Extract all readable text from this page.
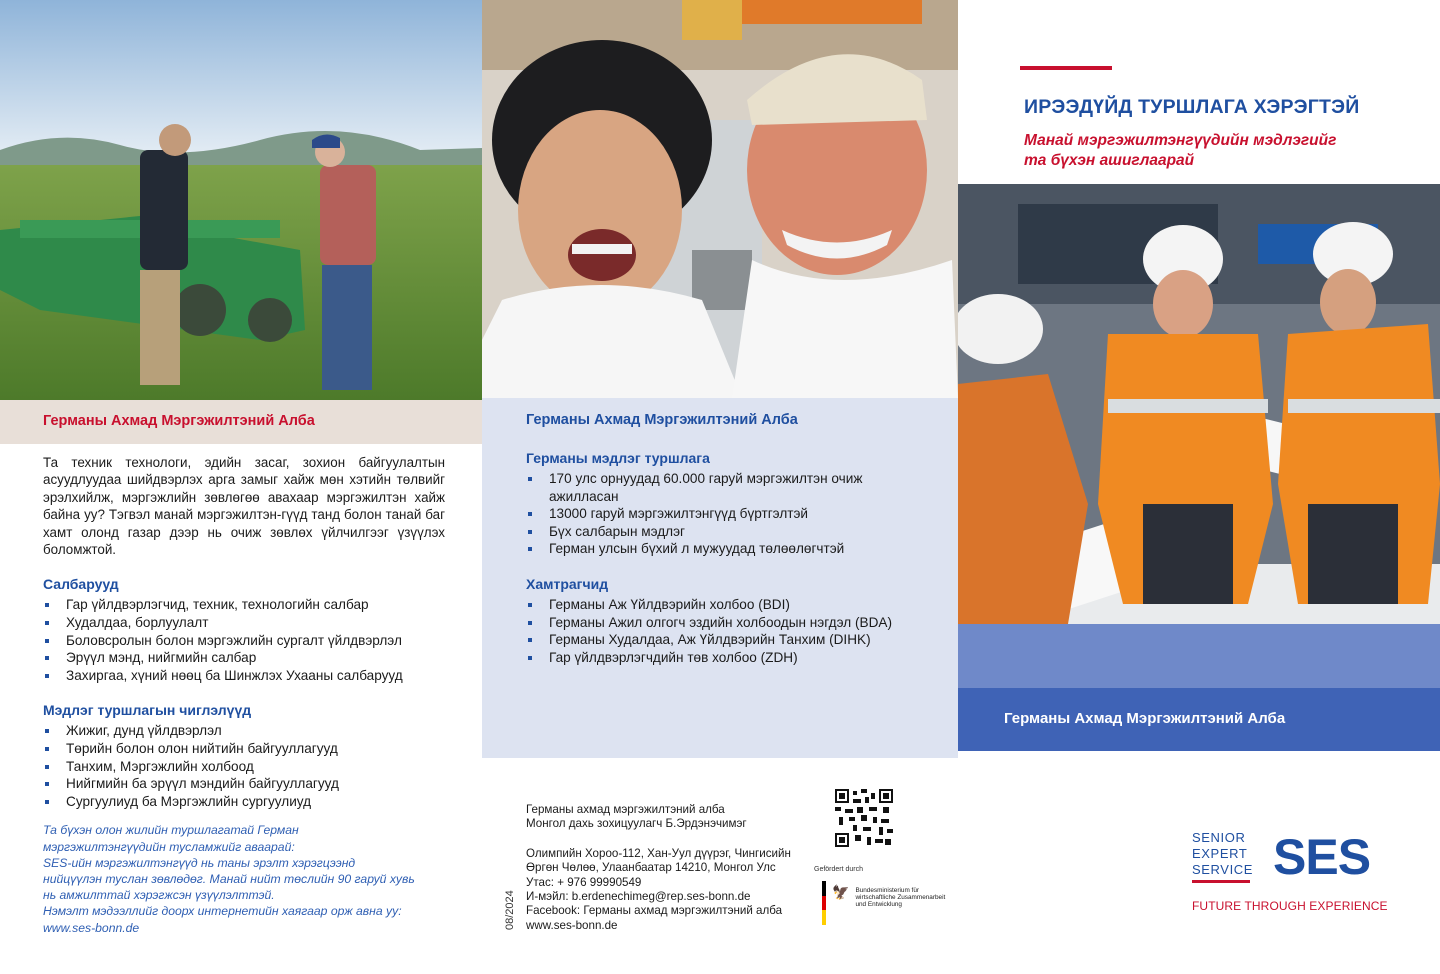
Германы Ахмад Мэргэжилтэний Алба

Та техник технологи, эдийн засаг, зохион байгуулалтын асуудлуудаа шийдвэрлэх арга замыг хайж мөн хэтийн төлвийг эрэлхийлж, мэргэжлийн зөвлөгөө авахаар мэргэжилтэн хайж байна уу? Тэгвэл манай мэргэжилтэн-гүүд танд болон танай баг хамт олонд газар дээр нь очиж зөвлөх үйлчилгээг үзүүлэх боломжтой.

Салбарууд
Гар үйлдвэрлэгчид, техник, технологийн салбар
Худалдаа, борлуулалт
Боловсролын болон мэргэжлийн сургалт үйлдвэрлэл
Эрүүл мэнд, нийгмийн салбар
Захиргаа, хүний нөөц ба Шинжлэх Ухааны салбарууд
Мэдлэг туршлагын чиглэлүүд
Жижиг, дунд үйлдвэрлэл
Төрийн болон олон нийтийн байгууллагууд
Танхим, Мэргэжлийн холбоод
Нийгмийн ба эрүүл мэндийн байгууллагууд
Сургуулиуд ба Мэргэжлийн сургуулиуд
Та бүхэн олон жилийн туршлагатай Герман
мэргэжилтэнгүүдийн тусламжийг аваарай:
SES-ийн мэргэжилтэнгүүд нь таны эрэлт хэрэгцээнд
нийцүүлэн туслан зөвлөдөг. Манай нийт төслийн 90 гаруй хувь
нь амжилттай хэрэгжсэн үзүүлэлттэй.
Нэмэлт мэдээллийг доорх интернетийн хаягаар орж авна уу:
www.ses-bonn.de
Германы Ахмад Мэргэжилтэний Алба
Германы мэдлэг туршлага
170 улс орнуудад 60.000 гаруй мэргэжилтэн очиж ажилласан
13000 гаруй мэргэжилтэнгүүд бүртгэлтэй
Бүх салбарын мэдлэг
Герман улсын бүхий л мужуудад төлөөлөгчтэй
Хамтрагчид
Германы Аж Үйлдвэрийн холбоо (BDI)
Германы Ажил олгогч эздийн холбоодын нэгдэл (BDA)
Германы Худалдаа, Аж Үйлдвэрийн Танхим (DIHK)
Гар үйлдвэрлэгчдийн төв холбоо (ZDH)
Германы ахмад мэргэжилтэний алба
Монгол дахь зохицуулагч Б.Эрдэнэчимэг
Олимпийн Хороо-112, Хан-Уул дүүрэг, Чингисийн
Өргөн Чөлөө, Улаанбаатар 14210, Монгол Улс
Утас: + 976 99990549
И-мэйл: b.erdenechimeg@rep.ses-bonn.de
Facebook: Германы ахмад мэргэжилтэний алба
www.ses-bonn.de
08/2024
Gefördert durch
🦅 Bundesministerium für
wirtschaftliche Zusammenarbeit
und Entwicklung
ИРЭЭДҮЙД ТУРШЛАГА ХЭРЭГТЭЙ
Манай мэргэжилтэнгүүдийн мэдлэгийг
та бүхэн ашиглаарай
Германы Ахмад Мэргэжилтэний Алба
SENIOR
EXPERT
SERVICE SES
FUTURE THROUGH EXPERIENCE
